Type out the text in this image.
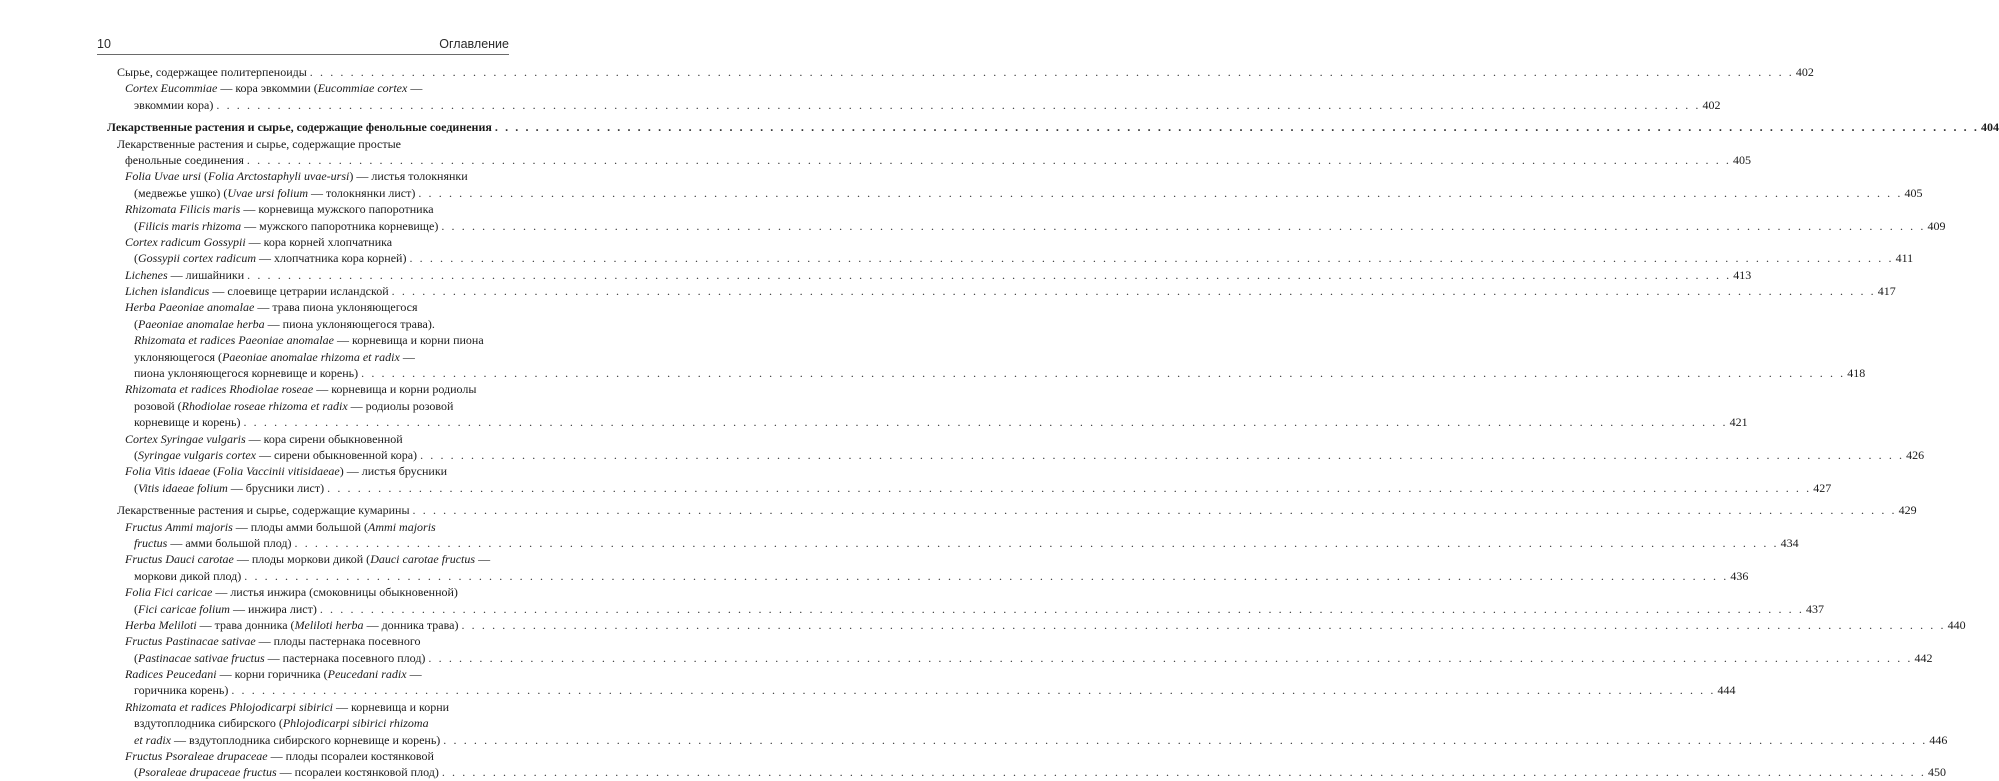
10	Оглавление
Сырье, содержащее политерпеноиды . . .	402
Cortex Eucommiae — кора эвкоммии (Eucommiae cortex —
эвкоммии кора) . . .	402
Лекарственные растения и сырье, содержащие фенольные соединения . . .	404
Лекарственные растения и сырье, содержащие простые
фенольные соединения . . .	405
Folia Uvae ursi (Folia Arctostaphyli uvae-ursi) — листья толокнянки
(медвежье ушко) (Uvae ursi folium — толокнянки лист) . . .	405
Rhizomata Filicis maris — корневища мужского папоротника
(Filicis maris rhizoma — мужского папоротника корневище) . . .	409
Cortex radicum Gossypii — кора корней хлопчатника
(Gossypii cortex radicum — хлопчатника кора корней) . . .	411
Lichenes — лишайники . . .	413
Lichen islandicus — слоевище цетрарии исландской . . .	417
Herba Paeoniae anomalae — трава пиона уклоняющегося
(Paeoniae anomalae herba — пиона уклоняющегося трава).
Rhizomata et radices Paeoniae anomalae — корневища и корни пиона
уклоняющегося (Paeoniae anomalae rhizoma et radix —
пиона уклоняющегося корневище и корень) . . .	418
Rhizomata et radices Rhodiolae roseae — корневища и корни родиолы
розовой (Rhodiolae roseae rhizoma et radix — родиолы розовой
корневище и корень) . . .	421
Cortex Syringae vulgaris — кора сирени обыкновенной
(Syringae vulgaris cortex — сирени обыкновенной кора) . . .	426
Folia Vitis idaeae (Folia Vaccinii vitisidaeae) — листья брусники
(Vitis idaeae folium — брусники лист) . . .	427
Лекарственные растения и сырье, содержащие кумарины . . .	429
Fructus Ammi majoris — плоды амми большой (Ammi majoris
fructus — амми большой плод) . . .	434
Fructus Dauci carotae — плоды моркови дикой (Dauci carotae fructus —
моркови дикой плод) . . .	436
Folia Fici caricae — листья инжира (смоковницы обыкновенной)
(Fici caricae folium — инжира лист) . . .	437
Herba Meliloti — трава донника (Meliloti herba — донника трава) . . .	440
Fructus Pastinacae sativae — плоды пастернака посевного
(Pastinacae sativae fructus — пастернака посевного плод) . . .	442
Radices Peucedani — корни горичника (Peucedani radix —
горичника корень) . . .	444
Rhizomata et radices Phlojodicarpi sibirici — корневища и корни
вздутоплодника сибирского (Phlojodicarpi sibirici rhizoma
et radix — вздутоплодника сибирского корневище и корень) . . .	446
Fructus Psoraleae drupaceae — плоды псоралеи костянковой
(Psoraleae drupaceae fructus — псоралеи костянковой плод) . . .	450
